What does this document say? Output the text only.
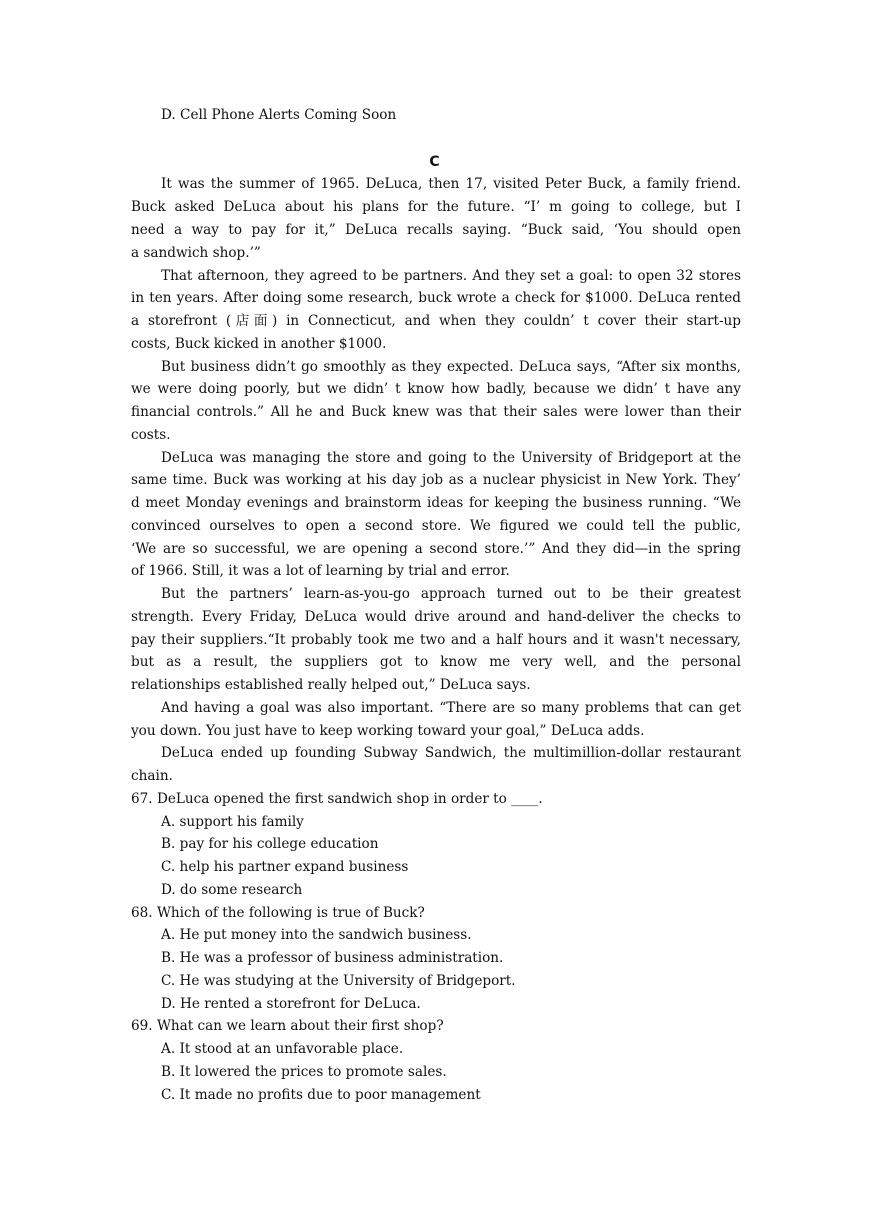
D. Cell Phone Alerts Coming Soon
C
It was the summer of 1965. DeLuca, then 17, visited Peter Buck, a family friend.
Buck asked DeLuca about his plans for the future. “I’ m going to college, but I
need a way to pay for it,” DeLuca recalls saying. “Buck said, ‘You should open
a sandwich shop.’”
That afternoon, they agreed to be partners. And they set a goal: to open 32 stores
in ten years. After doing some research, buck wrote a check for $1000. DeLuca rented
a storefront (店面) in Connecticut, and when they couldn’ t cover their start-up
costs, Buck kicked in another $1000.
But business didn’t go smoothly as they expected. DeLuca says, “After six months,
we were doing poorly, but we didn’ t know how badly, because we didn’ t have any
financial controls.” All he and Buck knew was that their sales were lower than their
costs.
DeLuca was managing the store and going to the University of Bridgeport at the
same time. Buck was working at his day job as a nuclear physicist in New York. They’
d meet Monday evenings and brainstorm ideas for keeping the business running. “We
convinced ourselves to open a second store. We figured we could tell the public,
‘We are so successful, we are opening a second store.’” And they did—in the spring
of 1966. Still, it was a lot of learning by trial and error.
But the partners’ learn-as-you-go approach turned out to be their greatest
strength. Every Friday, DeLuca would drive around and hand-deliver the checks to
pay their suppliers.“It probably took me two and a half hours and it wasn't necessary,
but as a result, the suppliers got to know me very well, and the personal
relationships established really helped out,” DeLuca says.
And having a goal was also important. “There are so many problems that can get
you down. You just have to keep working toward your goal,” DeLuca adds.
DeLuca ended up founding Subway Sandwich, the multimillion-dollar restaurant
chain.
67. DeLuca opened the first sandwich shop in order to ____.
A. support his family
B. pay for his college education
C. help his partner expand business
D. do some research
68. Which of the following is true of Buck?
A. He put money into the sandwich business.
B. He was a professor of business administration.
C. He was studying at the University of Bridgeport.
D. He rented a storefront for DeLuca.
69. What can we learn about their first shop?
A. It stood at an unfavorable place.
B. It lowered the prices to promote sales.
C. It made no profits due to poor management
